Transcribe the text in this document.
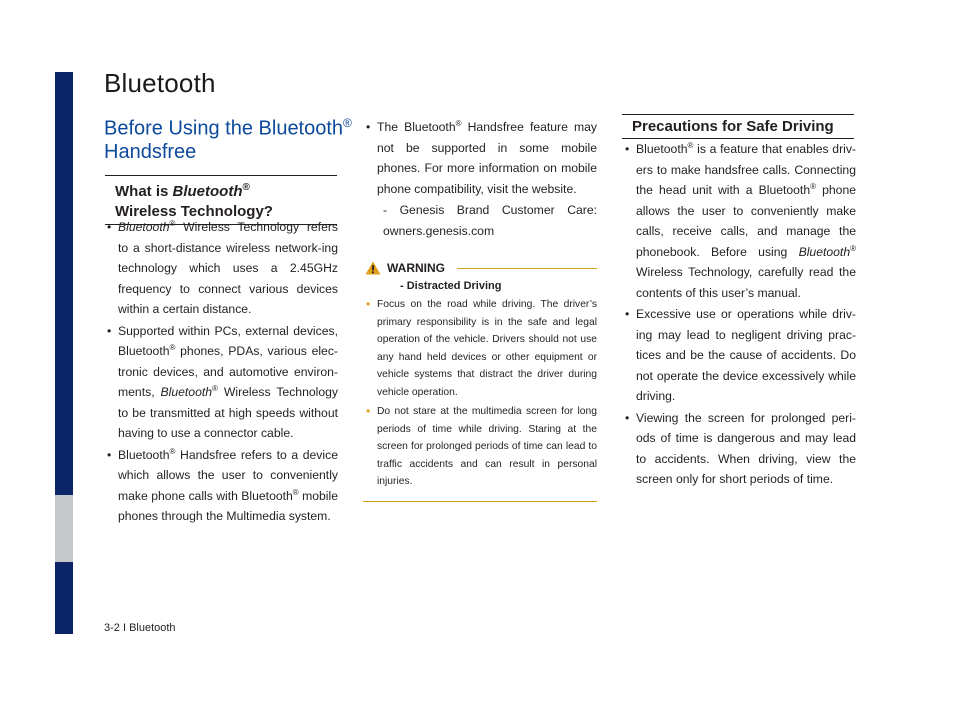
Bluetooth
Before Using the Bluetooth®
Handsfree
What is Bluetooth®
Wireless Technology?
• Bluetooth® Wireless Technology refers to a short-distance wireless network-ing technology which uses a 2.45GHz frequency to connect various devices within a certain distance.
• Supported within PCs, external devices, Bluetooth® phones, PDAs, various elec-tronic devices, and automotive environ-ments, Bluetooth® Wireless Technology to be transmitted at high speeds without having to use a connector cable.
• Bluetooth® Handsfree refers to a device which allows the user to conveniently make phone calls with Bluetooth® mobile phones through the Multimedia system.
• The Bluetooth® Handsfree feature may not be supported in some mobile phones. For more information on mobile phone compatibility, visit the website.
- Genesis Brand Customer Care: owners.genesis.com
WARNING
- Distracted Driving
• Focus on the road while driving. The driver’s primary responsibility is in the safe and legal operation of the vehicle. Drivers should not use any hand held devices or other equipment or vehicle systems that distract the driver during vehicle operation.
• Do not stare at the multimedia screen for long periods of time while driving. Staring at the screen for prolonged periods of time can lead to traffic accidents and can result in personal injuries.
Precautions for Safe Driving
• Bluetooth® is a feature that enables driv-ers to make handsfree calls. Connecting the head unit with a Bluetooth® phone allows the user to conveniently make calls, receive calls, and manage the phonebook. Before using Bluetooth® Wireless Technology, carefully read the contents of this user’s manual.
• Excessive use or operations while driv-ing may lead to negligent driving prac-tices and be the cause of accidents. Do not operate the device excessively while driving.
• Viewing the screen for prolonged peri-ods of time is dangerous and may lead to accidents. When driving, view the screen only for short periods of time.
3-2 I Bluetooth
